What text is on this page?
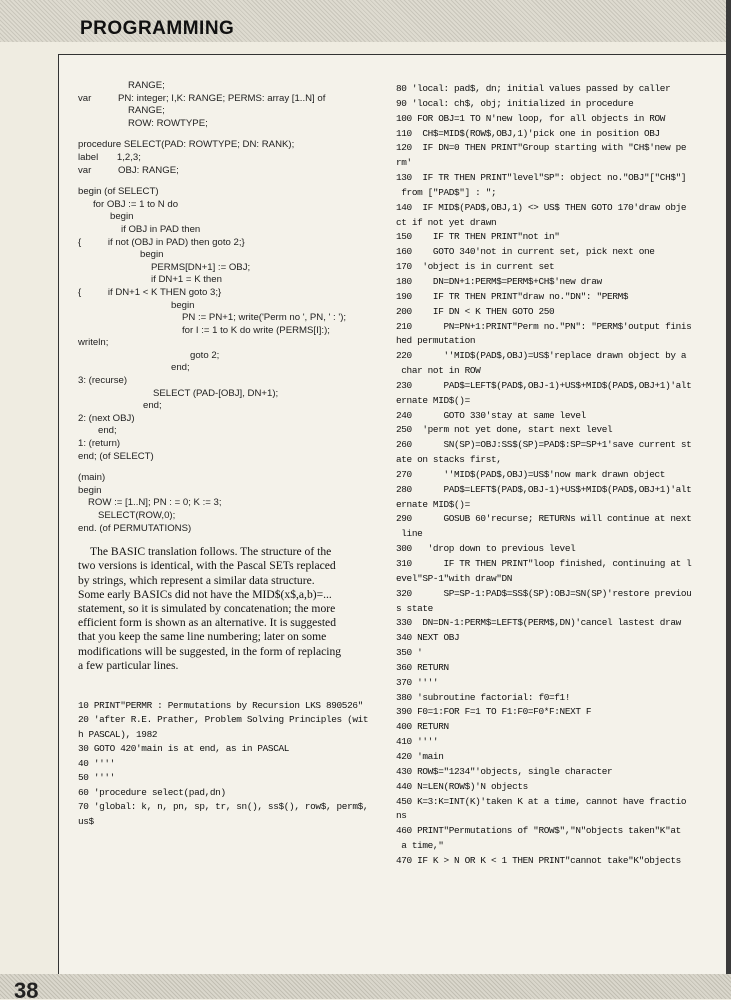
PROGRAMMING
RANGE;
var          PN: integer; I,K: RANGE; PERMS: array [1..N] of
RANGE;
ROW: ROWTYPE;
procedure SELECT(PAD: ROWTYPE; DN: RANK);
label       1,2,3;
var          OBJ: RANGE;
begin (of SELECT)
for OBJ := 1 to N do
begin
if OBJ in PAD then
{          if not (OBJ in PAD) then goto 2;}
begin
PERMS[DN+1] := OBJ;
if DN+1 = K then
{          if DN+1 < K THEN goto 3;}
begin
PN := PN+1; write('Perm no ', PN, ' : ');
for I := 1 to K do write (PERMS[I]:);
writeln;
goto 2;
end;
3: (recurse)
SELECT (PAD-[OBJ], DN+1);
end;
2: (next OBJ)
end;
1: (return)
end; (of SELECT)
(main)
begin
ROW := [1..N]; PN : = 0; K := 3;
SELECT(ROW,0);
end. (of PERMUTATIONS)
The BASIC translation follows. The structure of the
two versions is identical, with the Pascal SETs replaced
by strings, which represent a similar data structure.
Some early BASICs did not have the MID$(x$,a,b)=...
statement, so it is simulated by concatenation; the more
efficient form is shown as an alternative. It is suggested
that you keep the same line numbering; later on some
modifications will be suggested, in the form of replacing
a few particular lines.
10 PRINT"PERMR : Permutations by Recursion LKS 890526"
20 'after R.E. Prather, Problem Solving Principles (wit
h PASCAL), 1982
30 GOTO 420'main is at end, as in PASCAL
40 ''''
50 ''''
60 'procedure select(pad,dn)
70 'global: k, n, pn, sp, tr, sn(), ss$(), row$, perm$,
us$
80 'local: pad$, dn; initial values passed by caller
90 'local: ch$, obj; initialized in procedure
100 FOR OBJ=1 TO N'new loop, for all objects in ROW
110  CH$=MID$(ROW$,OBJ,1)'pick one in position OBJ
120  IF DN=0 THEN PRINT"Group starting with "CH$'new pe
rm'
130  IF TR THEN PRINT"level"SP": object no."OBJ"["CH$"]
from ["PAD$"] : ";
140  IF MID$(PAD$,OBJ,1) <> US$ THEN GOTO 170'draw obje
ct if not yet drawn
150    IF TR THEN PRINT"not in"
160    GOTO 340'not in current set, pick next one
170  'object is in current set
180    DN=DN+1:PERM$=PERM$+CH$'new draw
190    IF TR THEN PRINT"draw no."DN": "PERM$
200    IF DN < K THEN GOTO 250
210      PN=PN+1:PRINT"Perm no."PN": "PERM$'output finis
hed permutation
220      ''MID$(PAD$,OBJ)=US$'replace drawn object by a
char not in ROW
230      PAD$=LEFT$(PAD$,OBJ-1)+US$+MID$(PAD$,OBJ+1)'alt
ernate MID$()=
240      GOTO 330'stay at same level
250  'perm not yet done, start next level
260      SN(SP)=OBJ:SS$(SP)=PAD$:SP=SP+1'save current st
ate on stacks first,
270      ''MID$(PAD$,OBJ)=US$'now mark drawn object
280      PAD$=LEFT$(PAD$,OBJ-1)+US$+MID$(PAD$,OBJ+1)'alt
ernate MID$()=
290      GOSUB 60'recurse; RETURNs will continue at next
line
300   'drop down to previous level
310      IF TR THEN PRINT"loop finished, continuing at l
evel"SP-1"with draw"DN
320      SP=SP-1:PAD$=SS$(SP):OBJ=SN(SP)'restore previou
s state
330  DN=DN-1:PERM$=LEFT$(PERM$,DN)'cancel lastest draw
340 NEXT OBJ
350 '
360 RETURN
370 ''''
380 'subroutine factorial: f0=f1!
390 F0=1:FOR F=1 TO F1:F0=F0*F:NEXT F
400 RETURN
410 ''''
420 'main
430 ROW$="1234"'objects, single character
440 N=LEN(ROW$)'N objects
450 K=3:K=INT(K)'taken K at a time, cannot have fractio
ns
460 PRINT"Permutations of "ROW$","N"objects taken"K"at
a time,"
470 IF K > N OR K < 1 THEN PRINT"cannot take"K"objects
38
